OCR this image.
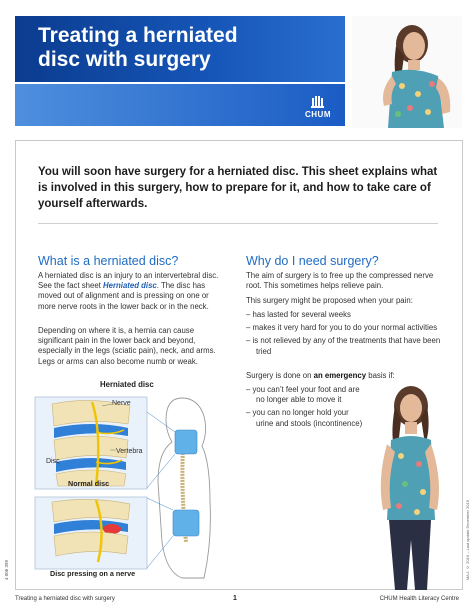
Treating a herniated
disc with surgery
CHUM
You will soon have surgery for a herniated disc. This sheet explains what is involved in this surgery, how to prepare for it, and how to take care of yourself afterwards.
What is a herniated disc?
A herniated disc is an injury to an intervertebral disc. See the fact sheet Herniated disc. The disc has moved out of alignment and is pressing on one or more nerve roots in the lower back or in the neck.
Depending on where it is, a hernia can cause significant pain in the lower back and beyond, especially in the legs (sciatic pain), neck, and arms. Legs or arms can also become numb or weak.
Herniated disc
Nerve
Vertebra
Disc
Normal disc
Disc pressing on a nerve
Why do I need surgery?
The aim of surgery is to free up the compressed nerve root. This sometimes helps relieve pain.
This surgery might be proposed when your pain:
– has lasted for several weeks
– makes it very hard for you to do your normal activities
– is not relieved by any of the treatments that have been tried
Surgery is done on an emergency basis if:
– you can’t feel your foot and are no longer able to move it
– you can no longer hold your urine and stools (incontinence)
MAJ. © 2016 – Last update December 2016
4 006 399
Treating a herniated disc with surgery	1	CHUM Health Literacy Centre
